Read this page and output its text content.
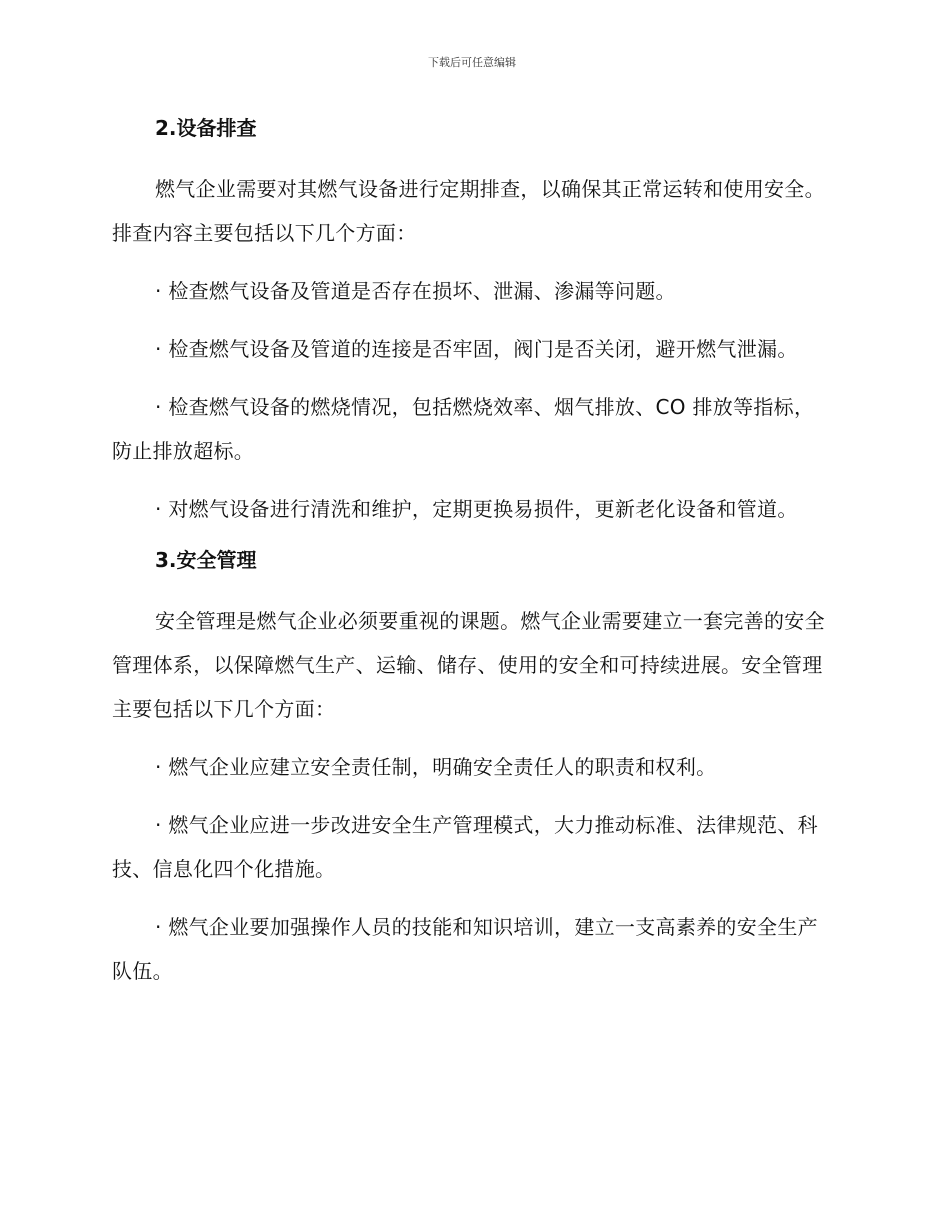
下载后可任意编辑
2.设备排查

燃气企业需要对其燃气设备进行定期排查，以确保其正常运转和使用安全。排查内容主要包括以下几个方面：

· 检查燃气设备及管道是否存在损坏、泄漏、渗漏等问题。

· 检查燃气设备及管道的连接是否牢固，阀门是否关闭，避开燃气泄漏。

· 检查燃气设备的燃烧情况，包括燃烧效率、烟气排放、CO 排放等指标，防止排放超标。

· 对燃气设备进行清洗和维护，定期更换易损件，更新老化设备和管道。

3.安全管理

安全管理是燃气企业必须要重视的课题。燃气企业需要建立一套完善的安全管理体系，以保障燃气生产、运输、储存、使用的安全和可持续进展。安全管理主要包括以下几个方面：

· 燃气企业应建立安全责任制，明确安全责任人的职责和权利。

· 燃气企业应进一步改进安全生产管理模式，大力推动标准、法律规范、科技、信息化四个化措施。

· 燃气企业要加强操作人员的技能和知识培训，建立一支高素养的安全生产队伍。
